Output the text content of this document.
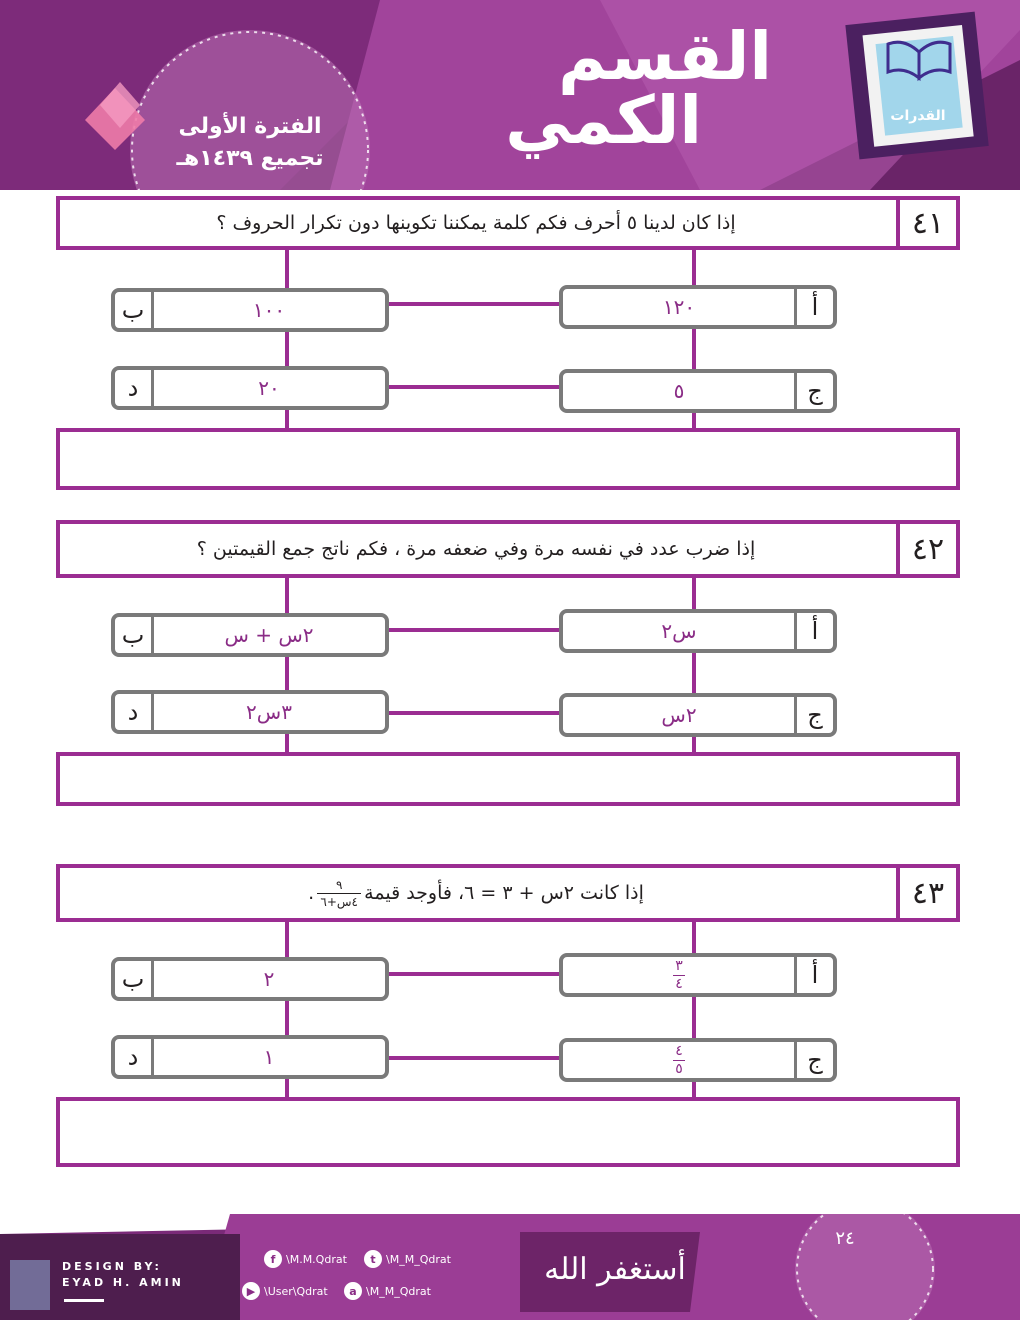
القسم
الكمي
الفترة الأولى
تجميع ١٤٣٩هـ
القدرات
٤١
إذا كان لدينا ٥ أحرف فكم كلمة يمكننا تكوينها دون تكرار الحروف ؟
أ
١٢٠
ب	١٠٠
ج
٥
د	٢٠
٤٢
إذا ضرب عدد في نفسه مرة وفي ضعفه مرة ، فكم ناتج جمع القيمتين ؟
أ
س٢
ب	٢س + س
ج
٢س
د	٣س٢
٤٣
إذا كانت ٢س + ٣ = ٦، فأوجد قيمة
٩
٤س+٦
.
أ
$\frac{٣}{٤}$
ب	٢
ج
$\frac{٤}{٥}$
د	١
DESIGN BY:
EYAD H. AMIN
f \M.M.Qdrat	t \M_M_Qdrat
▶ \User\Qdrat	a \M_M_Qdrat
أستغفر الله
٢٤
